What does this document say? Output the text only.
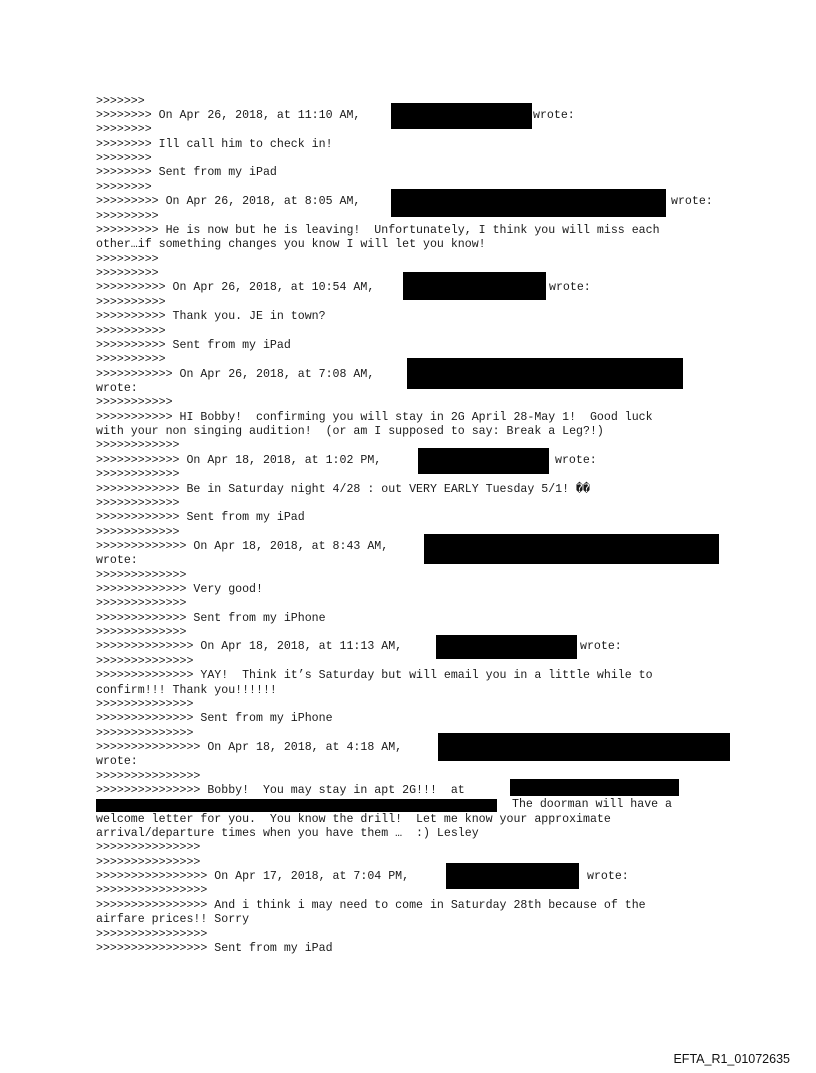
>>>>>>>
>>>>>>>> On Apr 26, 2018, at 11:10 AM,	wrote:
>>>>>>>>
>>>>>>>> Ill call him to check in!
>>>>>>>>
>>>>>>>> Sent from my iPad
>>>>>>>>
>>>>>>>>> On Apr 26, 2018, at 8:05 AM,	wrote:
>>>>>>>>>
>>>>>>>>> He is now but he is leaving!  Unfortunately, I think you will miss each
other…if something changes you know I will let you know!
>>>>>>>>>
>>>>>>>>>
>>>>>>>>>> On Apr 26, 2018, at 10:54 AM,	wrote:
>>>>>>>>>>
>>>>>>>>>> Thank you. JE in town?
>>>>>>>>>>
>>>>>>>>>> Sent from my iPad
>>>>>>>>>>
>>>>>>>>>>> On Apr 26, 2018, at 7:08 AM,
wrote:
>>>>>>>>>>>
>>>>>>>>>>> HI Bobby!  confirming you will stay in 2G April 28-May 1!  Good luck
with your non singing audition!  (or am I supposed to say: Break a Leg?!)
>>>>>>>>>>>>
>>>>>>>>>>>> On Apr 18, 2018, at 1:02 PM,	wrote:
>>>>>>>>>>>>
>>>>>>>>>>>> Be in Saturday night 4/28 : out VERY EARLY Tuesday 5/1! ��
>>>>>>>>>>>>
>>>>>>>>>>>> Sent from my iPad
>>>>>>>>>>>>
>>>>>>>>>>>>> On Apr 18, 2018, at 8:43 AM,
wrote:
>>>>>>>>>>>>>
>>>>>>>>>>>>> Very good!
>>>>>>>>>>>>>
>>>>>>>>>>>>> Sent from my iPhone
>>>>>>>>>>>>>
>>>>>>>>>>>>>> On Apr 18, 2018, at 11:13 AM,	wrote:
>>>>>>>>>>>>>>
>>>>>>>>>>>>>> YAY!  Think it’s Saturday but will email you in a little while to
confirm!!! Thank you!!!!!!
>>>>>>>>>>>>>>
>>>>>>>>>>>>>> Sent from my iPhone
>>>>>>>>>>>>>>
>>>>>>>>>>>>>>> On Apr 18, 2018, at 4:18 AM,
wrote:
>>>>>>>>>>>>>>>
>>>>>>>>>>>>>>> Bobby!  You may stay in apt 2G!!!  at
The doorman will have a
welcome letter for you.  You know the drill!  Let me know your approximate
arrival/departure times when you have them …  :) Lesley
>>>>>>>>>>>>>>>
>>>>>>>>>>>>>>>
>>>>>>>>>>>>>>>> On Apr 17, 2018, at 7:04 PM,	wrote:
>>>>>>>>>>>>>>>>
>>>>>>>>>>>>>>>> And i think i may need to come in Saturday 28th because of the
airfare prices!! Sorry
>>>>>>>>>>>>>>>>
>>>>>>>>>>>>>>>> Sent from my iPad
EFTA_R1_01072635
